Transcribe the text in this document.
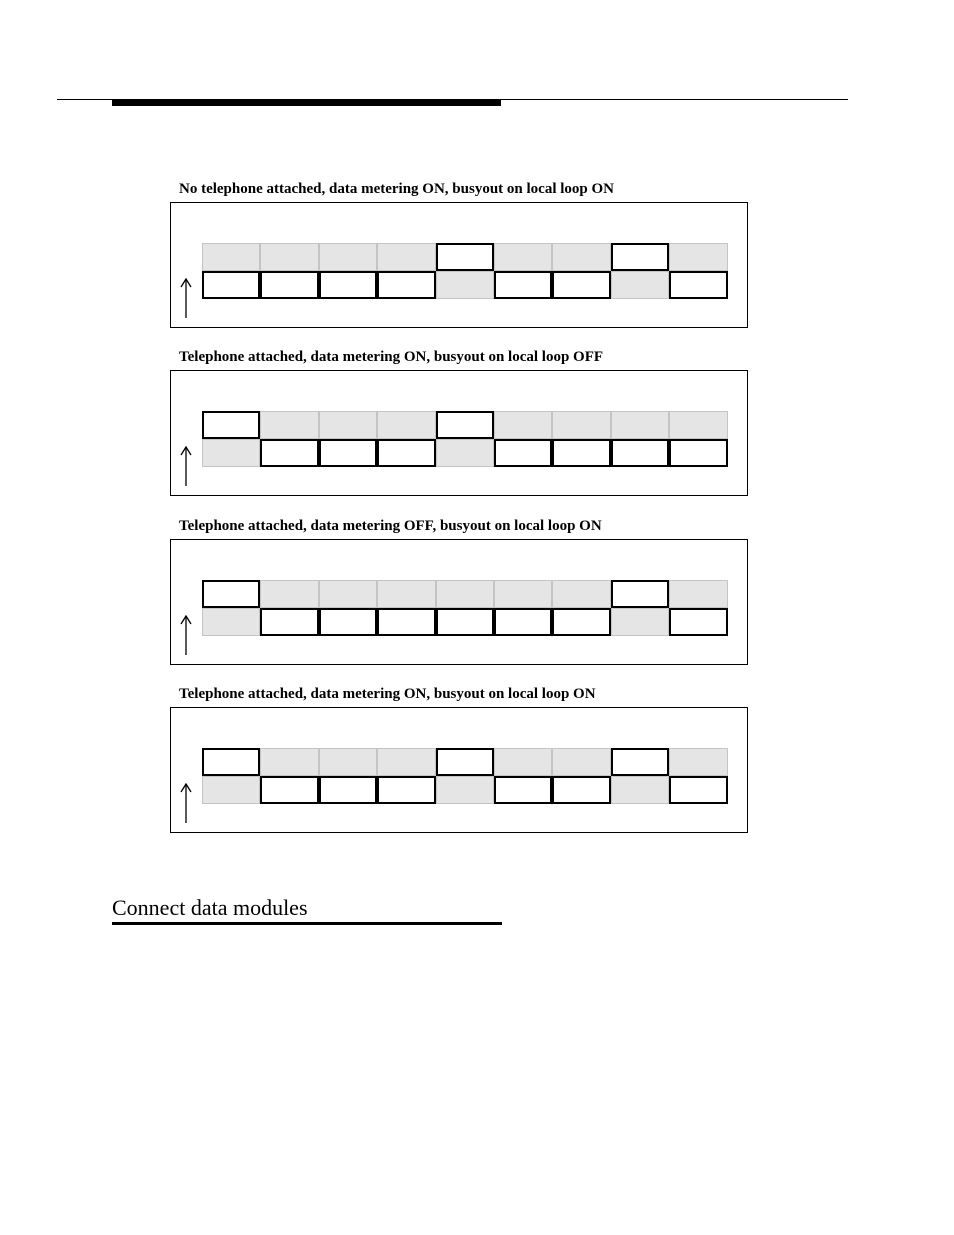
No telephone attached, data metering ON, busyout on local loop ON
Telephone attached, data metering ON, busyout on local loop OFF
Telephone attached, data metering OFF, busyout on local loop ON
Telephone attached, data metering ON, busyout on local loop ON
Connect data modules
